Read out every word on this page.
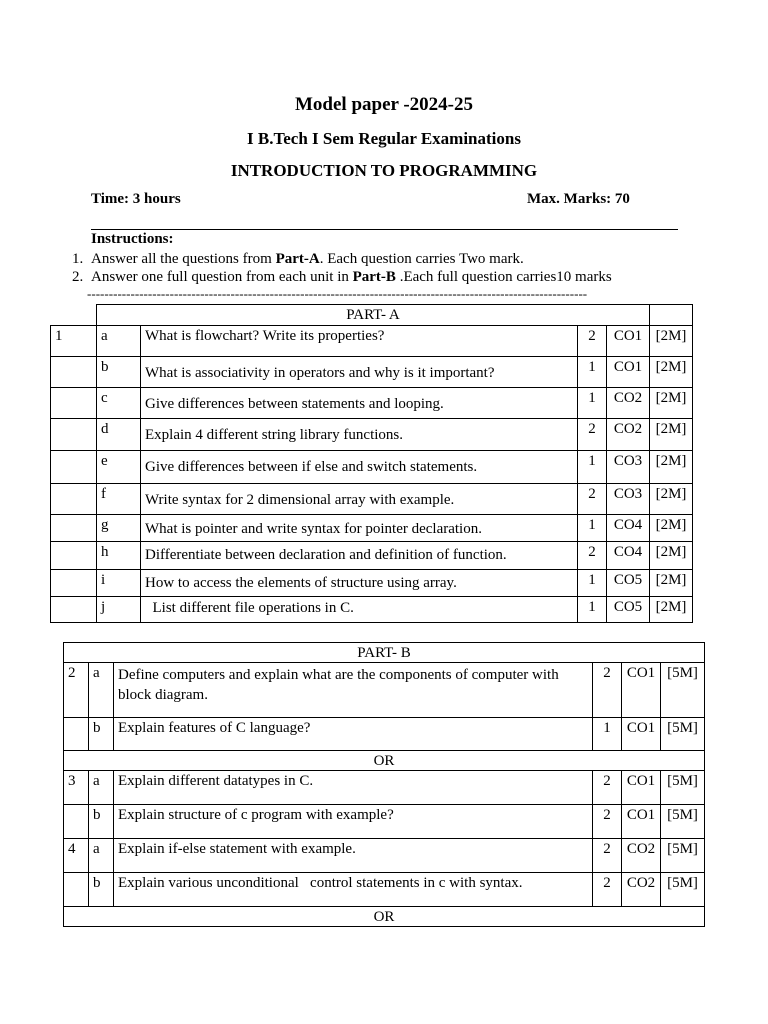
Model paper -2024-25
I B.Tech I Sem Regular Examinations
INTRODUCTION TO PROGRAMMING
Time: 3 hours	Max. Marks: 70
Instructions:
1. Answer all the questions from Part-A. Each question carries Two mark.
2. Answer one full question from each unit in Part-B .Each full question carries10 marks
-------------------------------------------------------------------------------------------------------------------
	PART- A				
1	a	What is flowchart? Write its properties?	2	CO1	[2M]
	b	What is associativity in operators and why is it important?	1	CO1	[2M]
	c	Give differences between statements and looping.	1	CO2	[2M]
	d	Explain 4 different string library functions.	2	CO2	[2M]
	e	Give differences between if else and switch statements.	1	CO3	[2M]
	f	Write syntax for 2 dimensional array with example.	2	CO3	[2M]
	g	What is pointer and write syntax for pointer declaration.	1	CO4	[2M]
	h	Differentiate between declaration and definition of function.	2	CO4	[2M]
	i	How to access the elements of structure using array.	1	CO5	[2M]
	j	List different file operations in C.	1	CO5	[2M]
PART- B					
2	a	Define computers and explain what are the components of computer with block diagram.	2	CO1	[5M]
	b	Explain features of C language?	1	CO1	[5M]
OR					
3	a	Explain different datatypes in C.	2	CO1	[5M]
	b	Explain structure of c program with example?	2	CO1	[5M]
4	a	Explain if-else statement with example.	2	CO2	[5M]
	b	Explain various unconditional   control statements in c with syntax.	2	CO2	[5M]
OR					
